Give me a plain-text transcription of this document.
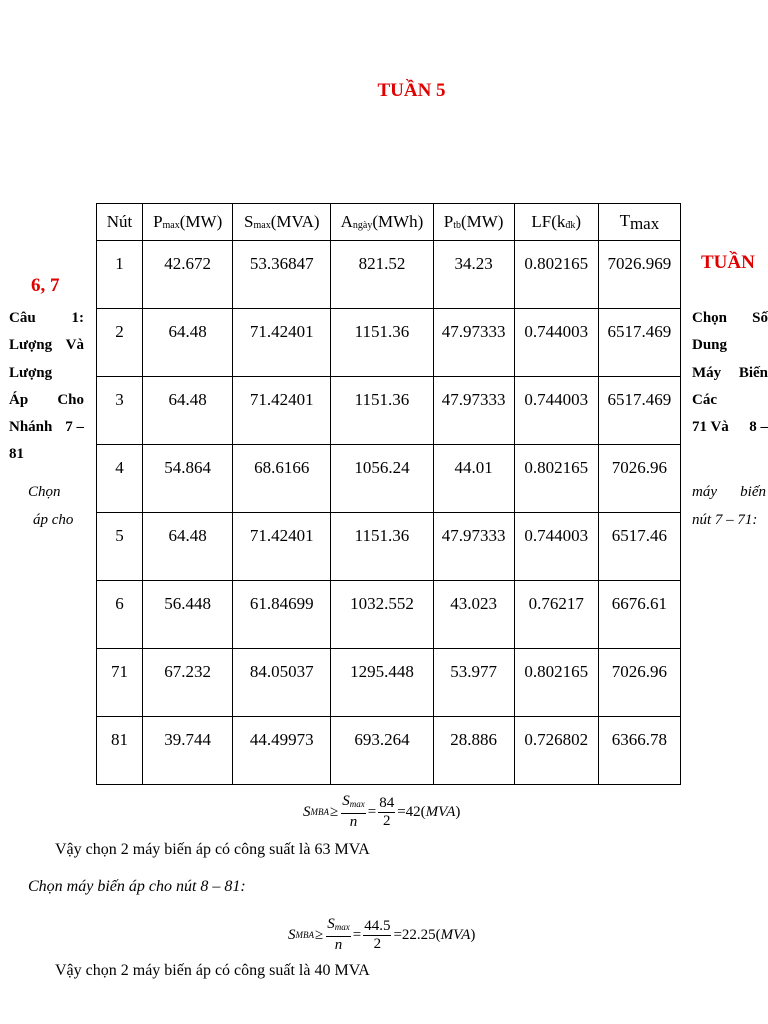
TUẦN 5
6, 7
TUẦN
Câu 1:
Lượng Và
Lượng
Áp Cho
Nhánh 7 –
81
Chọn
áp cho
Chọn Số
Dung
Máy Biến
Các
71 Và 8 –
máy biến
nút 7 – 71:
Nút	Pmax(MW)	Smax(MVA)	Angày(MWh)	Ptb(MW)	LF(kđk)	Tmax
1	42.672	53.36847	821.52	34.23	0.802165	7026.969
2	64.48	71.42401	1151.36	47.97333	0.744003	6517.469
3	64.48	71.42401	1151.36	47.97333	0.744003	6517.469
4	54.864	68.6166	1056.24	44.01	0.802165	7026.96
5	64.48	71.42401	1151.36	47.97333	0.744003	6517.46
6	56.448	61.84699	1032.552	43.023	0.76217	6676.61
71	67.232	84.05037	1295.448	53.977	0.802165	7026.96
81	39.744	44.49973	693.264	28.886	0.726802	6366.78
S MBA ≥ $\frac{Smax}{n} = \frac{84}{2} = 42$ ( MVA )
Vậy chọn 2 máy biến áp có công suất là 63 MVA
Chọn máy biến áp cho nút 8 – 81:
S MBA ≥ $\frac{Smax}{n} = \frac{44.5}{2} = 22.25$ ( MVA )
Vậy chọn 2 máy biến áp có công suất là 40 MVA
